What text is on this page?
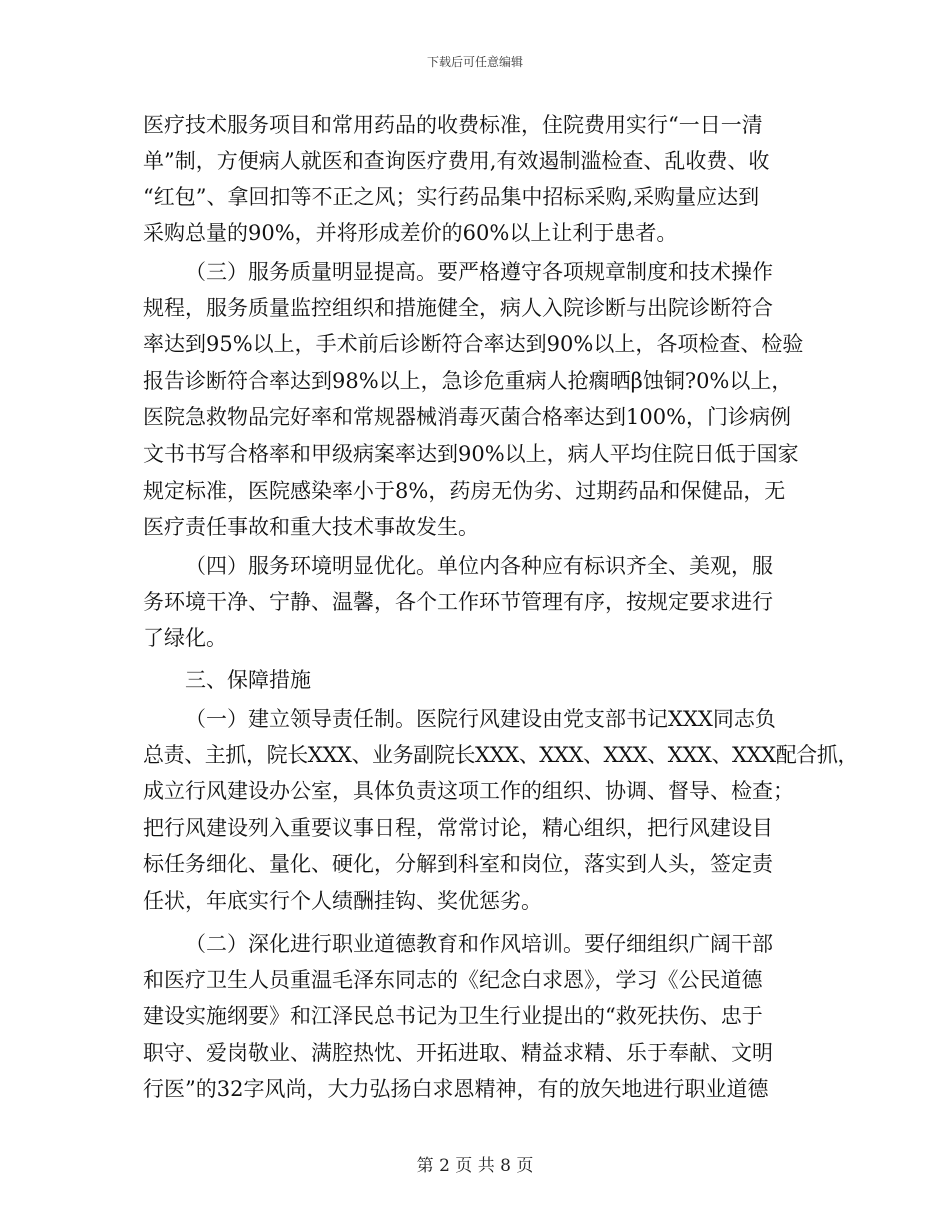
下载后可任意编辑
医疗技术服务项目和常用药品的收费标准，住院费用实行“一日一清
单”制，方便病人就医和查询医疗费用,有效遏制滥检查、乱收费、收
“红包”、拿回扣等不正之风；实行药品集中招标采购,采购量应达到
采购总量的90%，并将形成差价的60%以上让利于患者。
（三）服务质量明显提高。要严格遵守各项规章制度和技术操作
规程，服务质量监控组织和措施健全，病人入院诊断与出院诊断符合
率达到95%以上，手术前后诊断符合率达到90%以上，各项检查、检验
报告诊断符合率达到98%以上，急诊危重病人抢瘸晒β蚀铜?0%以上，
医院急救物品完好率和常规器械消毒灭菌合格率达到100%，门诊病例
文书书写合格率和甲级病案率达到90%以上，病人平均住院日低于国家
规定标准，医院感染率小于8%，药房无伪劣、过期药品和保健品，无
医疗责任事故和重大技术事故发生。
（四）服务环境明显优化。单位内各种应有标识齐全、美观，服
务环境干净、宁静、温馨，各个工作环节管理有序，按规定要求进行
了绿化。
三、保障措施
（一）建立领导责任制。医院行风建设由党支部书记XXX同志负
总责、主抓，院长XXX、业务副院长XXX、XXX、XXX、XXX、XXX配合抓，
成立行风建设办公室，具体负责这项工作的组织、协调、督导、检查；
把行风建设列入重要议事日程，常常讨论，精心组织，把行风建设目
标任务细化、量化、硬化，分解到科室和岗位，落实到人头，签定责
任状，年底实行个人绩酬挂钩、奖优惩劣。
（二）深化进行职业道德教育和作风培训。要仔细组织广阔干部
和医疗卫生人员重温毛泽东同志的《纪念白求恩》，学习《公民道德
建设实施纲要》和江泽民总书记为卫生行业提出的“救死扶伤、忠于
职守、爱岗敬业、满腔热忱、开拓进取、精益求精、乐于奉献、文明
行医”的32字风尚，大力弘扬白求恩精神，有的放矢地进行职业道德
第 2 页 共 8 页
